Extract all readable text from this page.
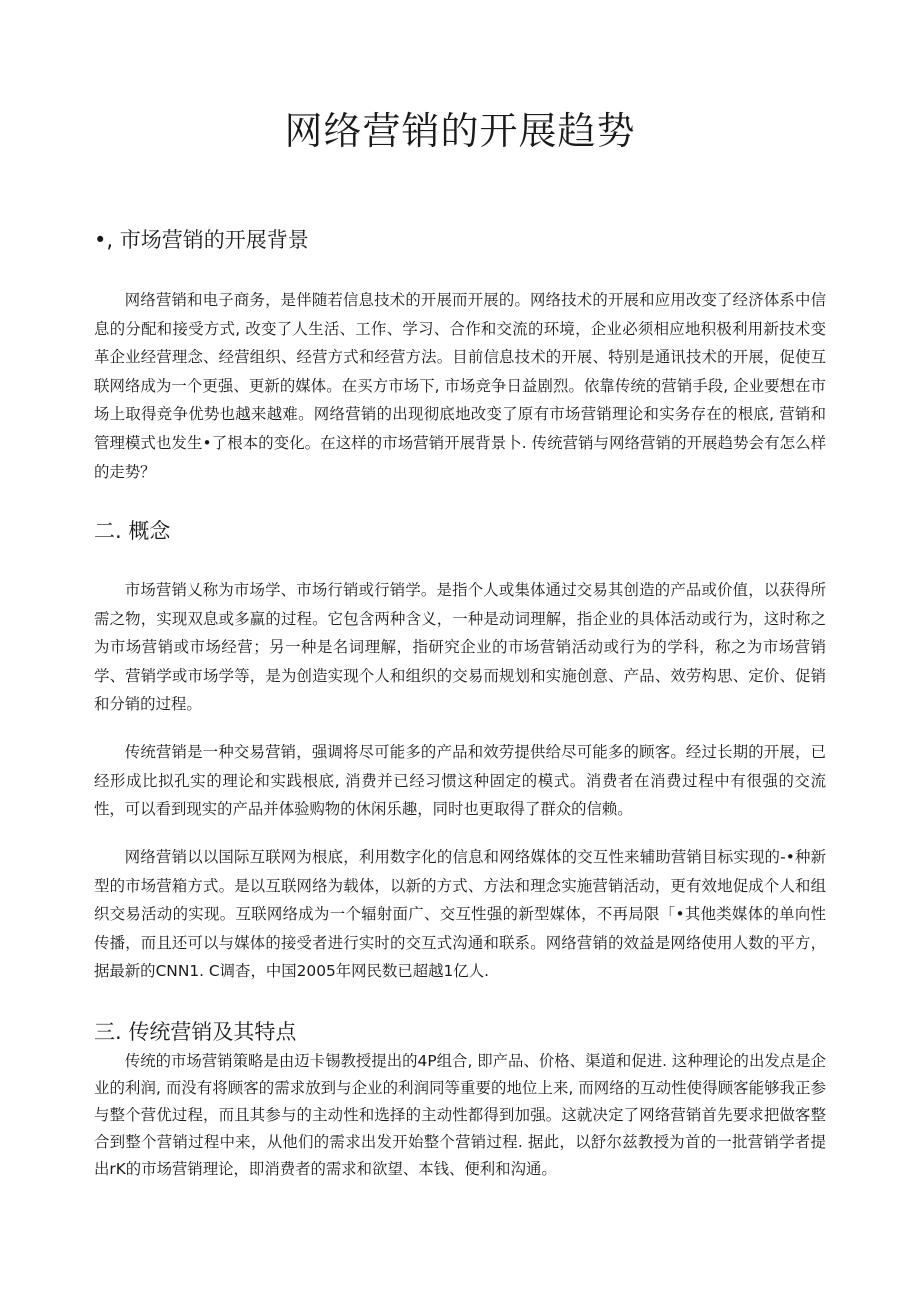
网络营销的开展趋势
•, 市场营销的开展背景

网络营销和电子商务，是伴随若信息技术的开展而开展的。网络技术的开展和应用改变了经济体系中信息的分配和接受方式, 改变了人生活、工作、学习、合作和交流的环境，企业必须相应地积极利用新技术变革企业经营理念、经营组织、经营方式和经营方法。目前信息技术的开展、特别是通讯技术的开展，促使互联网络成为一个更强、更新的媒体。在买方市场下, 市场竞争日益剧烈。依靠传统的营销手段, 企业要想在市场上取得竞争优势也越来越难。网络营销的出现彻底地改变了原有市场营销理论和实务存在的根底, 营销和管理模式也发生•了根本的变化。在这样的市场营销开展背景卜. 传统营销与网络营销的开展趋势会有怎么样的走势？

二. 概念

市场营销乂称为市场学、市场行销或行销学。是指个人或集体通过交易其创造的产品或价值，以获得所需之物，实现双息或多赢的过程。它包含两种含义，一种是动词理解，指企业的具体活动或行为，这时称之为市场营销或市场经营；另一种是名词理解，指研究企业的市场营销活动或行为的学科，称之为市场营销学、营销学或市场学等，是为创造实现个人和组织的交易而规划和实施创意、产品、效劳构思、定价、促销和分销的过程。

传统营销是一种交易营销，强调将尽可能多的产品和效劳提供给尽可能多的顾客。经过长期的开展，已经形成比拟孔实的理论和实践根底, 消费并已经习惯这种固定的模式。消费者在消费过程中有很强的交流性，可以看到现实的产品并体验购物的休闲乐趣，同时也更取得了群众的信赖。

网络营销以以国际互联网为根底，利用数字化的信息和网络媒体的交互性来辅助营销目标实现的-•种新型的市场营箱方式。是以互联网络为载体，以新的方式、方法和理念实施营销活动，更有效地促成个人和组织交易活动的实现。互联网络成为一个辐射面广、交互性强的新型媒体，不再局限「•其他类媒体的单向性传播，而且还可以与媒体的接受者进行实时的交互式沟通和联系。网络营销的效益是网络使用人数的平方，据最新的CNN1. C调杳，中国2005年网民数已超越1亿人.

三. 传统营销及其特点

传统的市场营销策略是由迈卡锡教授提出的4P组合, 即产品、价格、渠道和促进. 这种理论的出发点是企业的利润, 而没有将顾客的需求放到与企业的利润同等重要的地位上来, 而网络的互动性使得顾客能够我正参与整个营优过程，而且其参与的主动性和选择的主动性都得到加强。这就决定了网络营销首先要求把做客整合到整个营销过程中来，从他们的需求出发开始整个营销过程. 据此，以舒尔兹教授为首的一批营销学者提出rK的市场营销理论，即消费者的需求和欲望、本钱、便利和沟通。
